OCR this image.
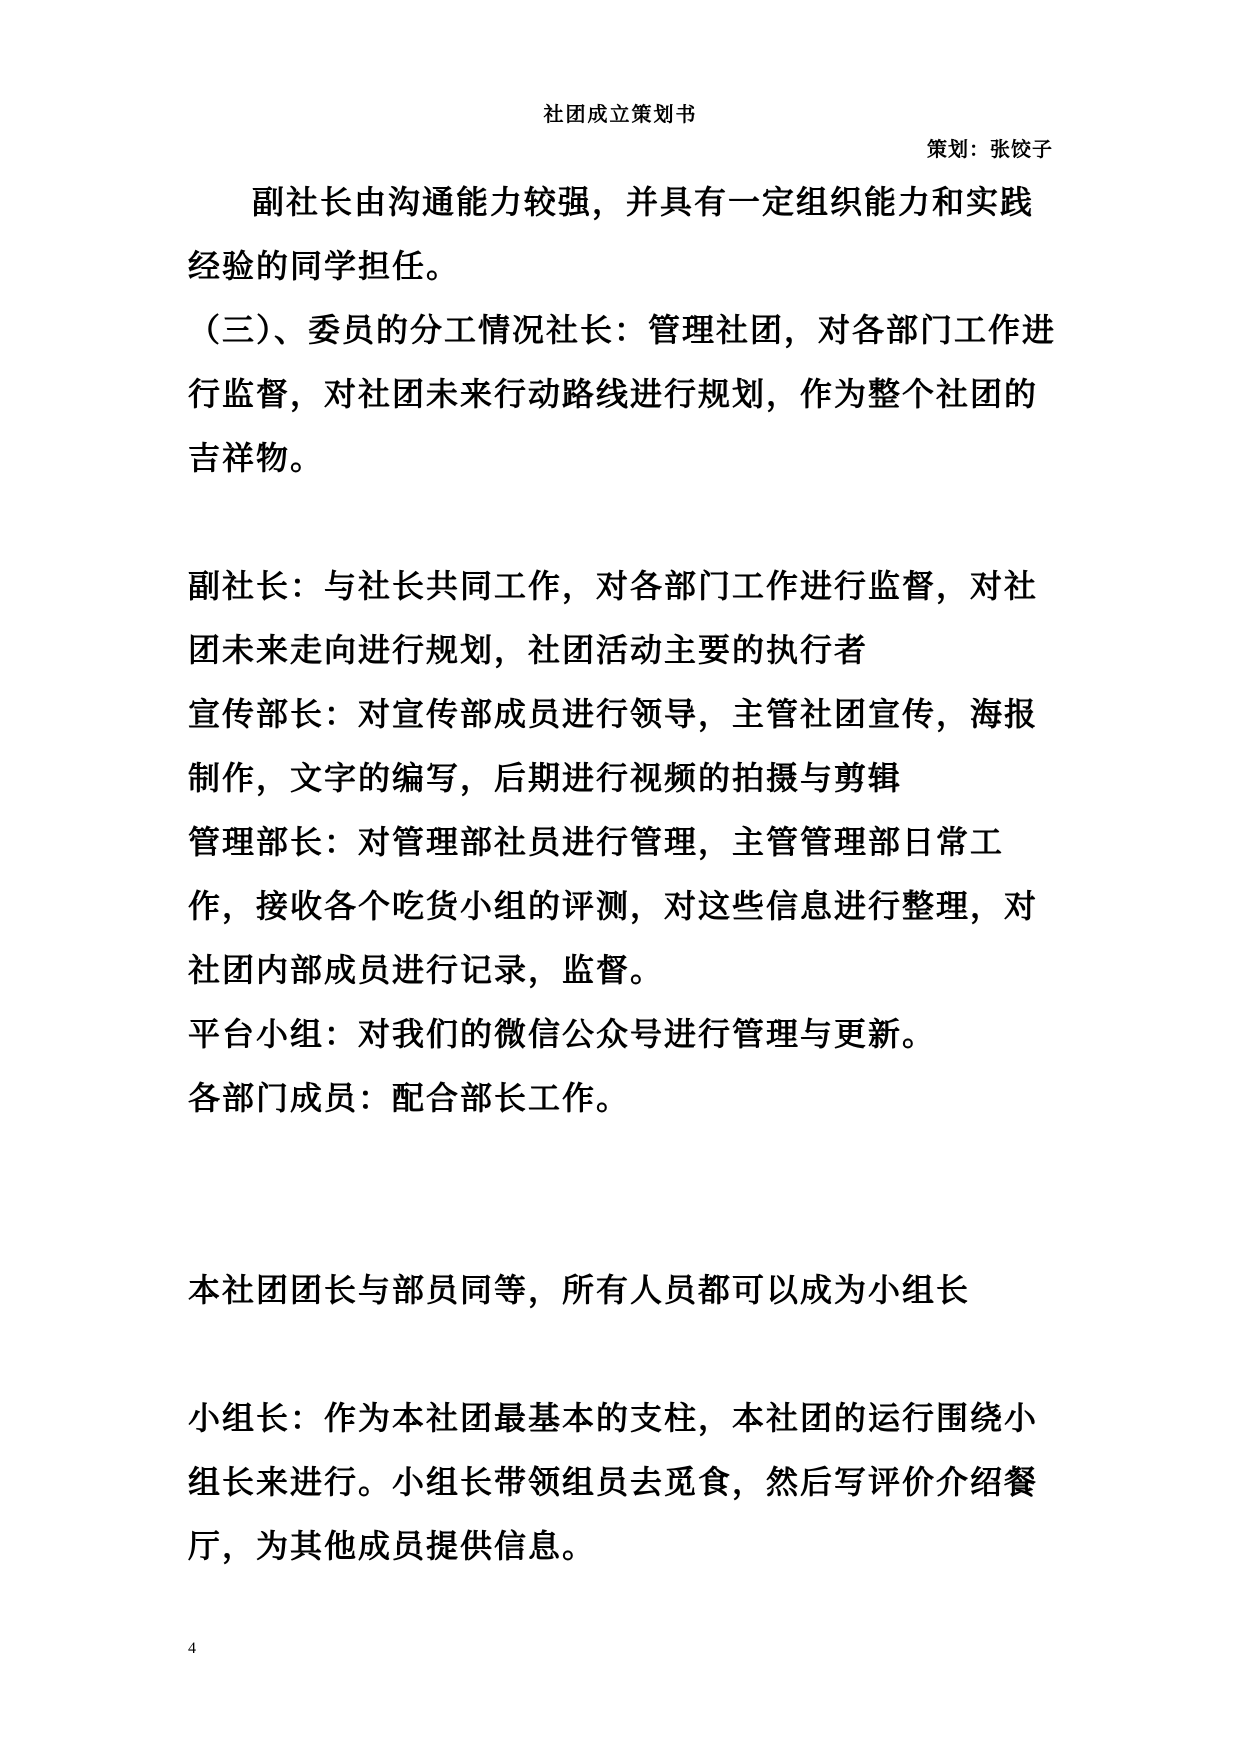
社团成立策划书
策划：张饺子

副社长由沟通能力较强，并具有一定组织能力和实践经验的同学担任。

（三）、委员的分工情况社长：管理社团，对各部门工作进行监督，对社团未来行动路线进行规划，作为整个社团的吉祥物。

副社长：与社长共同工作，对各部门工作进行监督，对社团未来走向进行规划，社团活动主要的执行者

宣传部长：对宣传部成员进行领导，主管社团宣传，海报制作，文字的编写，后期进行视频的拍摄与剪辑

管理部长：对管理部社员进行管理，主管管理部日常工作，接收各个吃货小组的评测，对这些信息进行整理，对社团内部成员进行记录，监督。

平台小组：对我们的微信公众号进行管理与更新。

各部门成员：配合部长工作。

本社团团长与部员同等，所有人员都可以成为小组长

小组长：作为本社团最基本的支柱，本社团的运行围绕小组长来进行。小组长带领组员去觅食，然后写评价介绍餐厅，为其他成员提供信息。

4
